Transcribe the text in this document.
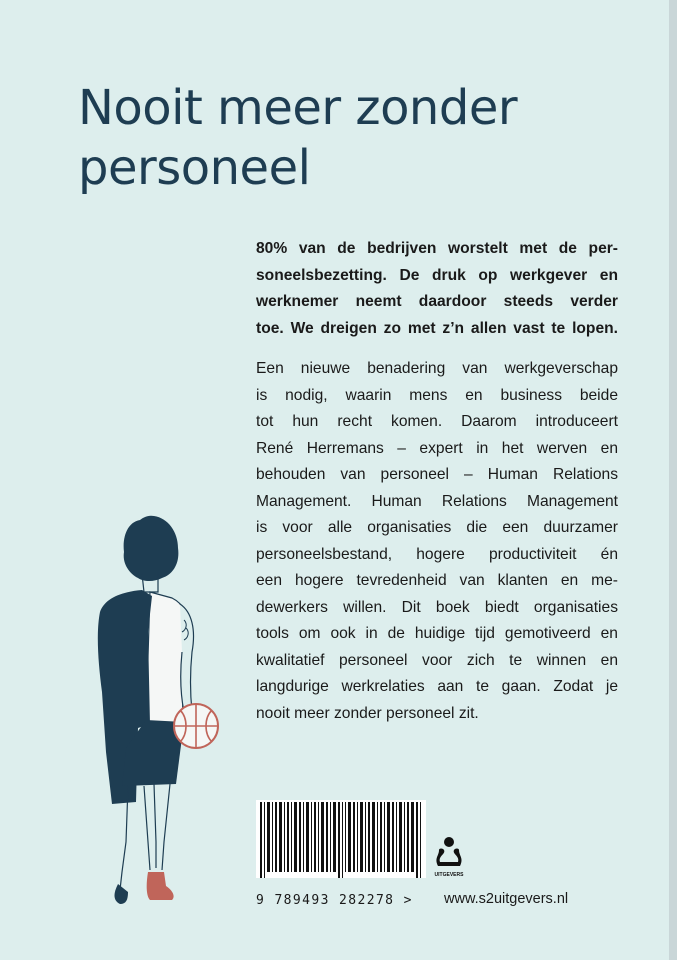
Nooit meer zonder
personeel
80% van de bedrijven worstelt met de per-
soneelsbezetting. De druk op werkgever en
werknemer neemt daardoor steeds verder
toe. We dreigen zo met z’n allen vast te lopen.
Een nieuwe benadering van werkgeverschap
is nodig, waarin mens en business beide
tot hun recht komen. Daarom introduceert
René Herremans – expert in het werven en
behouden van personeel – Human Relations
Management. Human Relations Management
is voor alle organisaties die een duurzamer
personeelsbestand, hogere productiviteit én
een hogere tevredenheid van klanten en me-
dewerkers willen. Dit boek biedt organisaties
tools om ook in de huidige tijd gemotiveerd en
kwalitatief personeel voor zich te winnen en
langdurige werkrelaties aan te gaan. Zodat je
nooit meer zonder personeel zit.
9 789493 282278 >
UITGEVERS
www.s2uitgevers.nl
